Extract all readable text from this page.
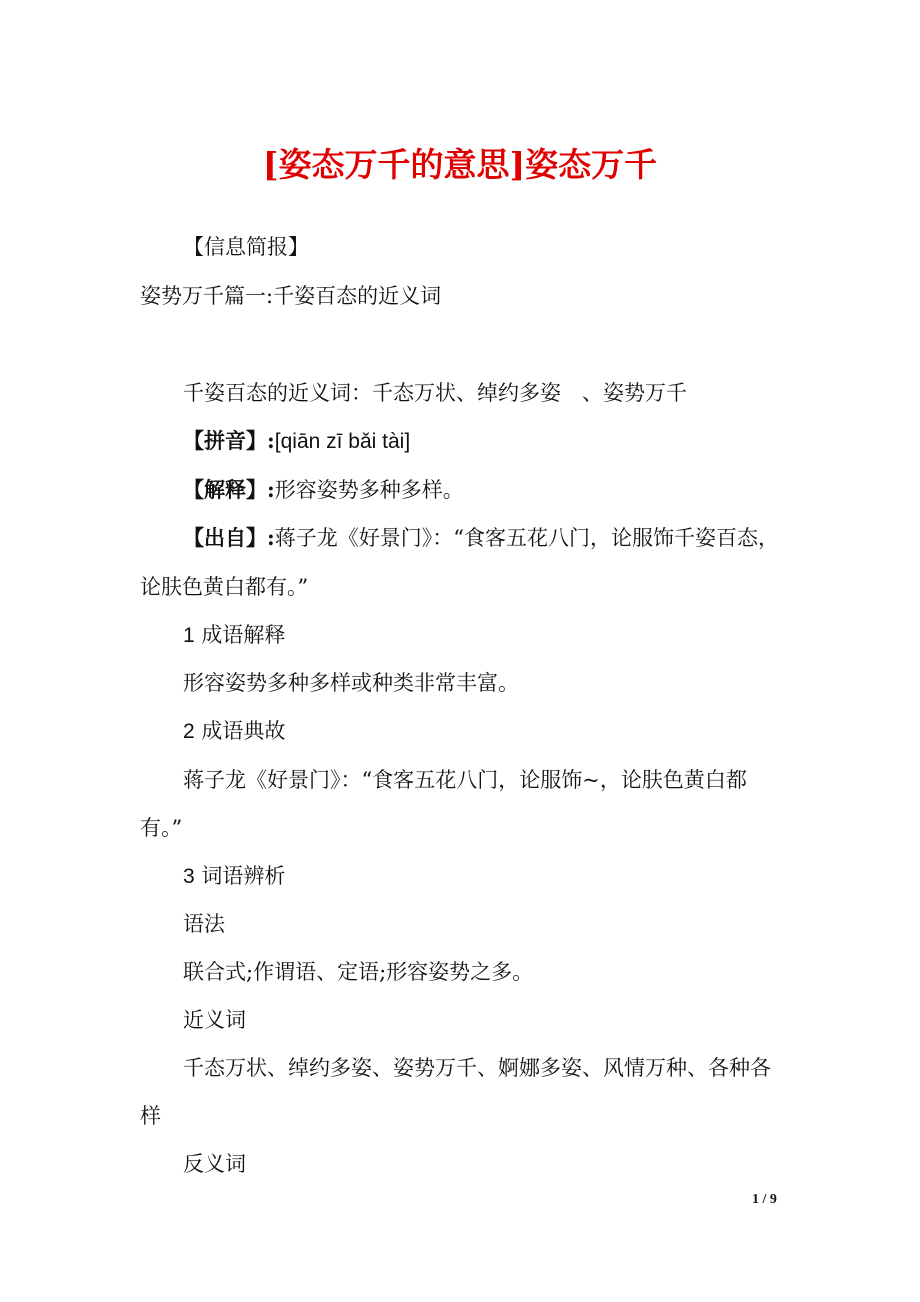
[姿态万千的意思]姿态万千
【信息简报】
姿势万千篇一:千姿百态的近义词
千姿百态的近义词：千态万状、绰约多姿　、姿势万千
【拼音】:[qiān zī bǎi tài]
【解释】:形容姿势多种多样。
【出自】:蒋子龙《好景门》：“食客五花八门，论服饰千姿百态，
论肤色黄白都有。”
1 成语解释
形容姿势多种多样或种类非常丰富。
2 成语典故
蒋子龙《好景门》：“食客五花八门，论服饰~，论肤色黄白都
有。”
3 词语辨析
语法
联合式;作谓语、定语;形容姿势之多。
近义词
千态万状、绰约多姿、姿势万千、婀娜多姿、风情万种、各种各
样
反义词
1 / 9
